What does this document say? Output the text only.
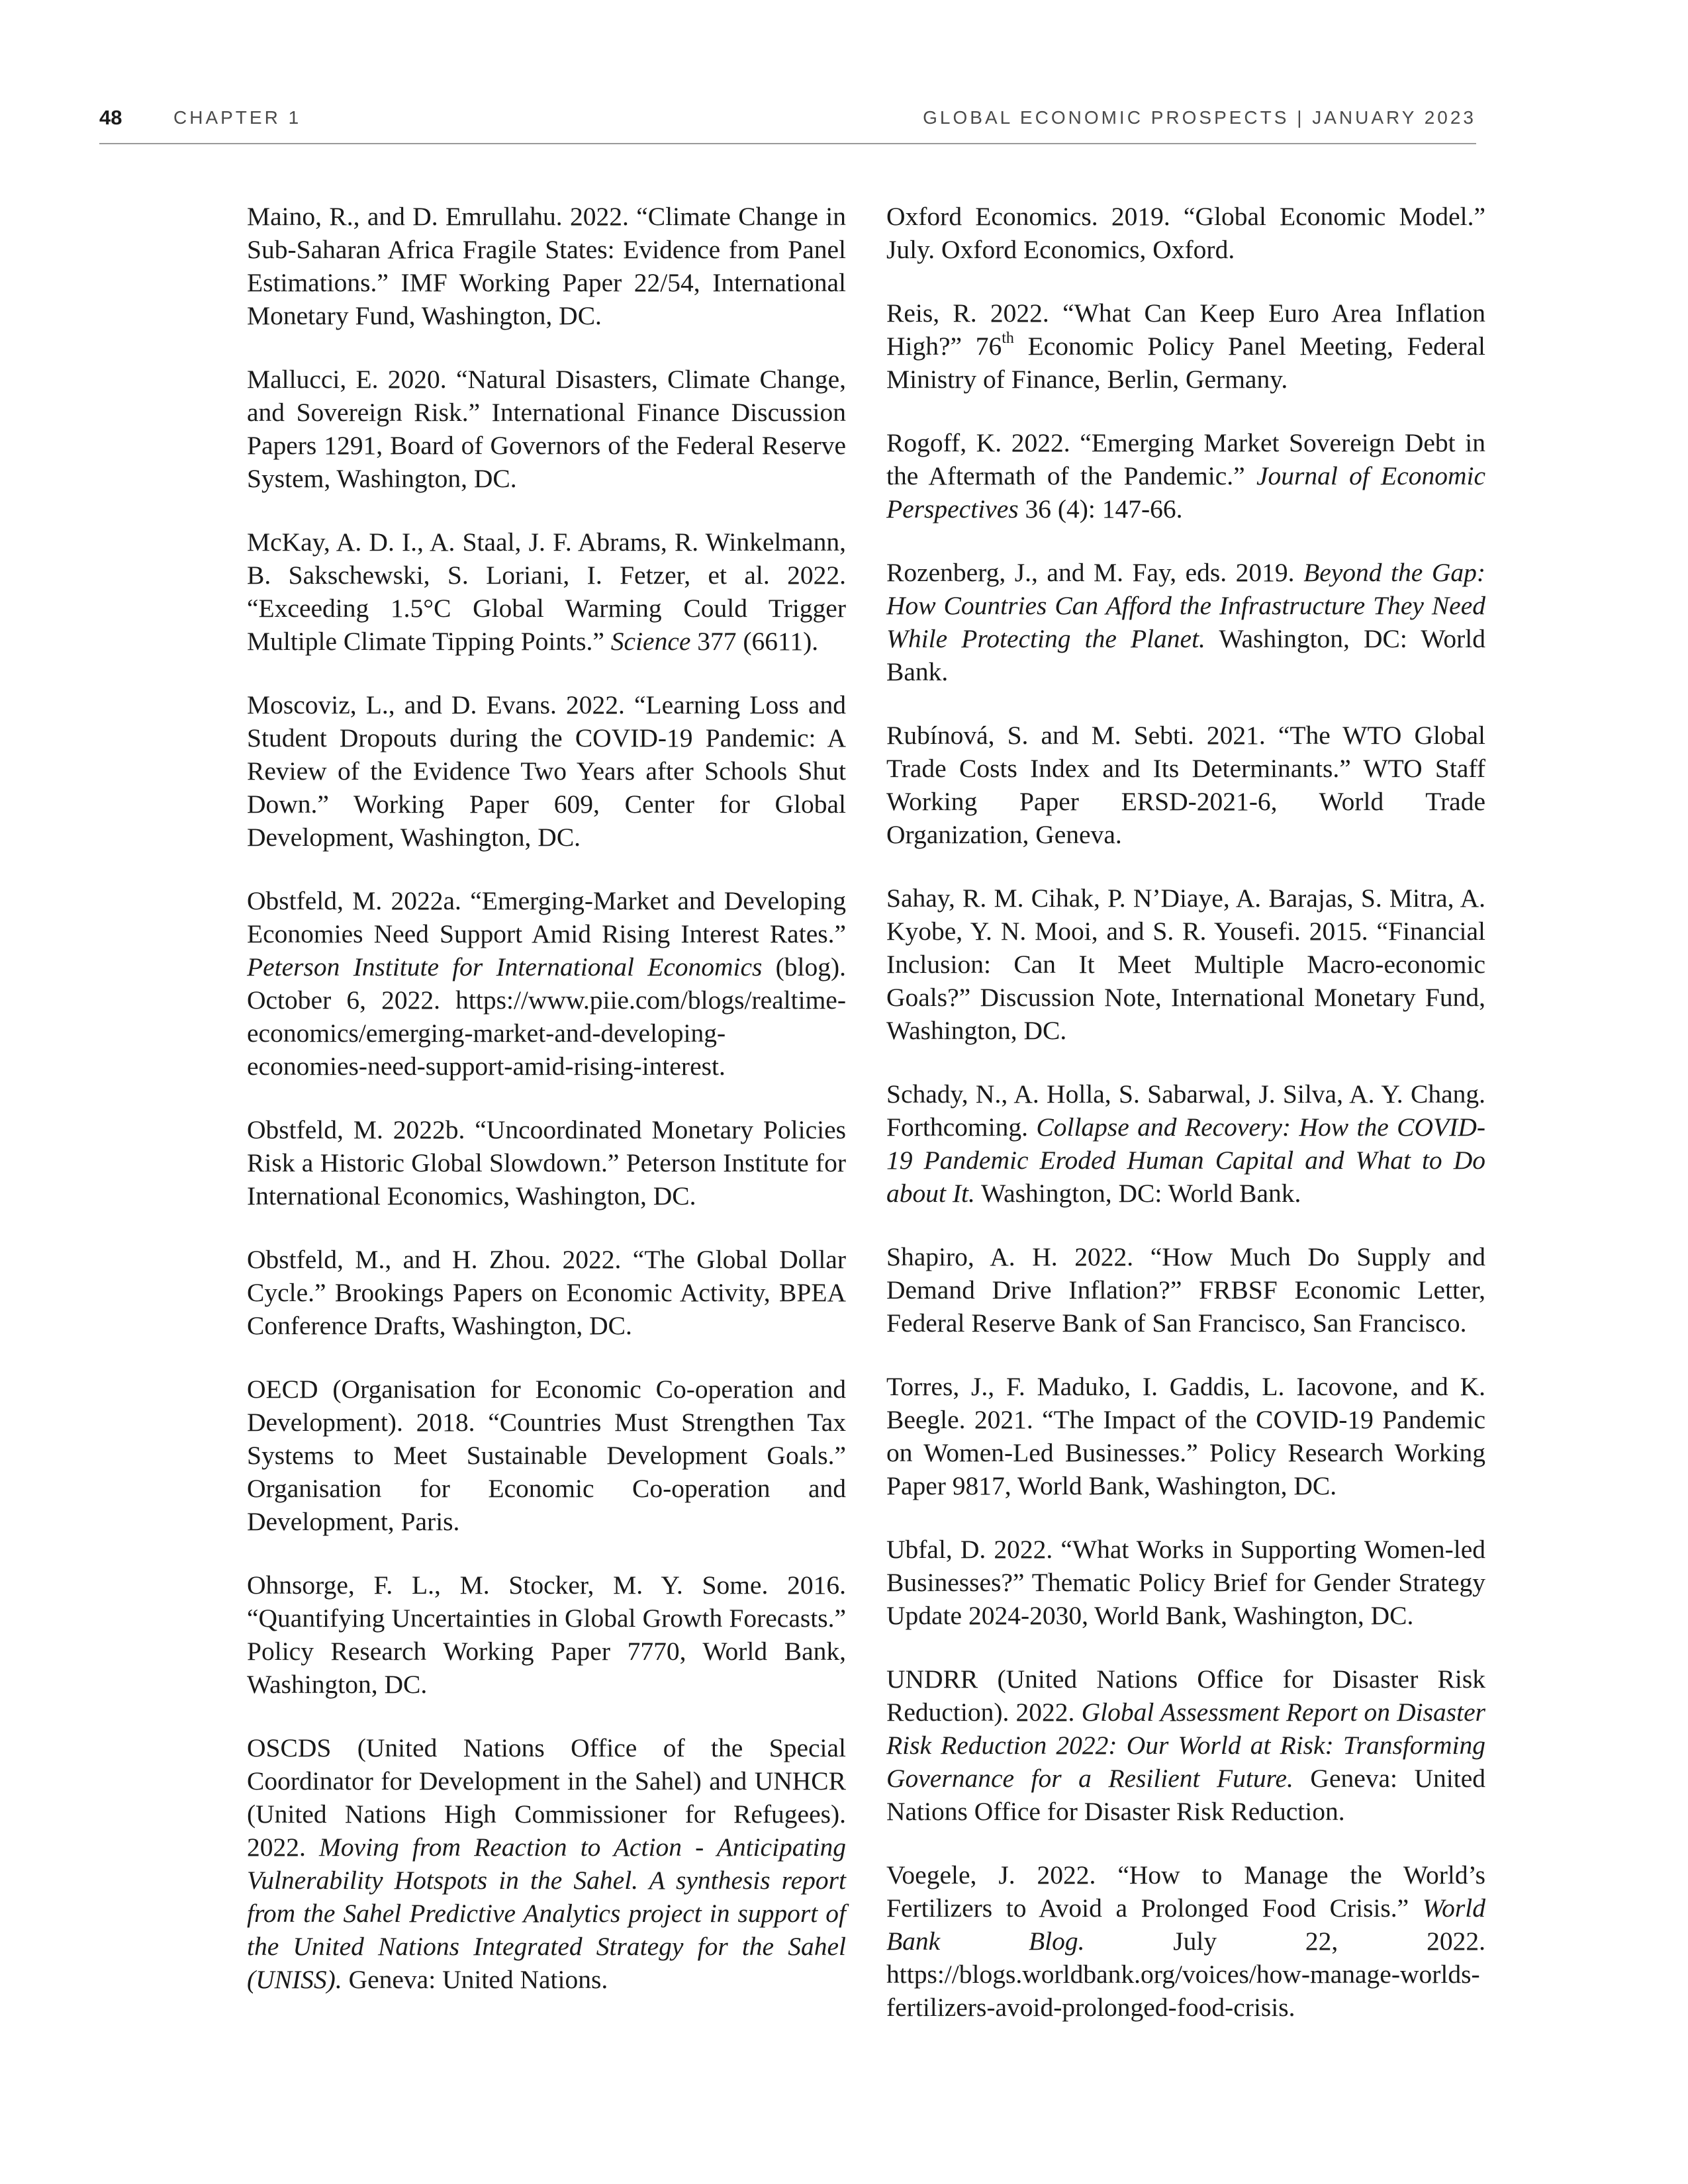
48	CHAPTER 1	GLOBAL ECONOMIC PROSPECTS | JANUARY 2023

Maino, R., and D. Emrullahu. 2022. “Climate Change in Sub-Saharan Africa Fragile States: Evidence from Panel Estimations.” IMF Working Paper 22/54, International Monetary Fund, Washington, DC.

Mallucci, E. 2020. “Natural Disasters, Climate Change, and Sovereign Risk.” International Finance Discussion Papers 1291, Board of Governors of the Federal Reserve System, Washington, DC.

McKay, A. D. I., A. Staal, J. F. Abrams, R. Winkelmann, B. Sakschewski, S. Loriani, I. Fetzer, et al. 2022. “Exceeding 1.5°C Global Warming Could Trigger Multiple Climate Tipping Points.” Science 377 (6611).

Moscoviz, L., and D. Evans. 2022. “Learning Loss and Student Dropouts during the COVID-19 Pandemic: A Review of the Evidence Two Years after Schools Shut Down.” Working Paper 609, Center for Global Development, Washington, DC.

Obstfeld, M. 2022a. “Emerging-Market and Developing Economies Need Support Amid Rising Interest Rates.” Peterson Institute for International Economics (blog). October 6, 2022. https://www.piie.com/blogs/realtime-economics/emerging-market-and-developing-economies-need-support-amid-rising-interest.

Obstfeld, M. 2022b. “Uncoordinated Monetary Policies Risk a Historic Global Slowdown.” Peterson Institute for International Economics, Washington, DC.

Obstfeld, M., and H. Zhou. 2022. “The Global Dollar Cycle.” Brookings Papers on Economic Activity, BPEA Conference Drafts, Washington, DC.

OECD (Organisation for Economic Co-operation and Development). 2018. “Countries Must Strengthen Tax Systems to Meet Sustainable Development Goals.” Organisation for Economic Co-operation and Development, Paris.

Ohnsorge, F. L., M. Stocker, M. Y. Some. 2016. “Quantifying Uncertainties in Global Growth Forecasts.” Policy Research Working Paper 7770, World Bank, Washington, DC.

OSCDS (United Nations Office of the Special Coordinator for Development in the Sahel) and UNHCR (United Nations High Commissioner for Refugees). 2022. Moving from Reaction to Action - Anticipating Vulnerability Hotspots in the Sahel. A synthesis report from the Sahel Predictive Analytics project in support of the United Nations Integrated Strategy for the Sahel (UNISS). Geneva: United Nations.

Oxford Economics. 2019. “Global Economic Model.” July. Oxford Economics, Oxford.

Reis, R. 2022. “What Can Keep Euro Area Inflation High?” 76th Economic Policy Panel Meeting, Federal Ministry of Finance, Berlin, Germany.

Rogoff, K. 2022. “Emerging Market Sovereign Debt in the Aftermath of the Pandemic.” Journal of Economic Perspectives 36 (4): 147-66.

Rozenberg, J., and M. Fay, eds. 2019. Beyond the Gap: How Countries Can Afford the Infrastructure They Need While Protecting the Planet. Washington, DC: World Bank.

Rubínová, S. and M. Sebti. 2021. “The WTO Global Trade Costs Index and Its Determinants.” WTO Staff Working Paper ERSD-2021-6, World Trade Organization, Geneva.

Sahay, R. M. Cihak, P. N’Diaye, A. Barajas, S. Mitra, A. Kyobe, Y. N. Mooi, and S. R. Yousefi. 2015. “Financial Inclusion: Can It Meet Multiple Macro-economic Goals?” Discussion Note, International Monetary Fund, Washington, DC.

Schady, N., A. Holla, S. Sabarwal, J. Silva, A. Y. Chang. Forthcoming. Collapse and Recovery: How the COVID-19 Pandemic Eroded Human Capital and What to Do about It. Washington, DC: World Bank.

Shapiro, A. H. 2022. “How Much Do Supply and Demand Drive Inflation?” FRBSF Economic Letter, Federal Reserve Bank of San Francisco, San Francisco.

Torres, J., F. Maduko, I. Gaddis, L. Iacovone, and K. Beegle. 2021. “The Impact of the COVID-19 Pandemic on Women-Led Businesses.” Policy Research Working Paper 9817, World Bank, Washington, DC.

Ubfal, D. 2022. “What Works in Supporting Women-led Businesses?” Thematic Policy Brief for Gender Strategy Update 2024-2030, World Bank, Washington, DC.

UNDRR (United Nations Office for Disaster Risk Reduction). 2022. Global Assessment Report on Disaster Risk Reduction 2022: Our World at Risk: Transforming Governance for a Resilient Future. Geneva: United Nations Office for Disaster Risk Reduction.

Voegele, J. 2022. “How to Manage the World’s Fertilizers to Avoid a Prolonged Food Crisis.” World Bank Blog. July 22, 2022. https://blogs.worldbank.org/voices/how-manage-worlds-fertilizers-avoid-prolonged-food-crisis.
